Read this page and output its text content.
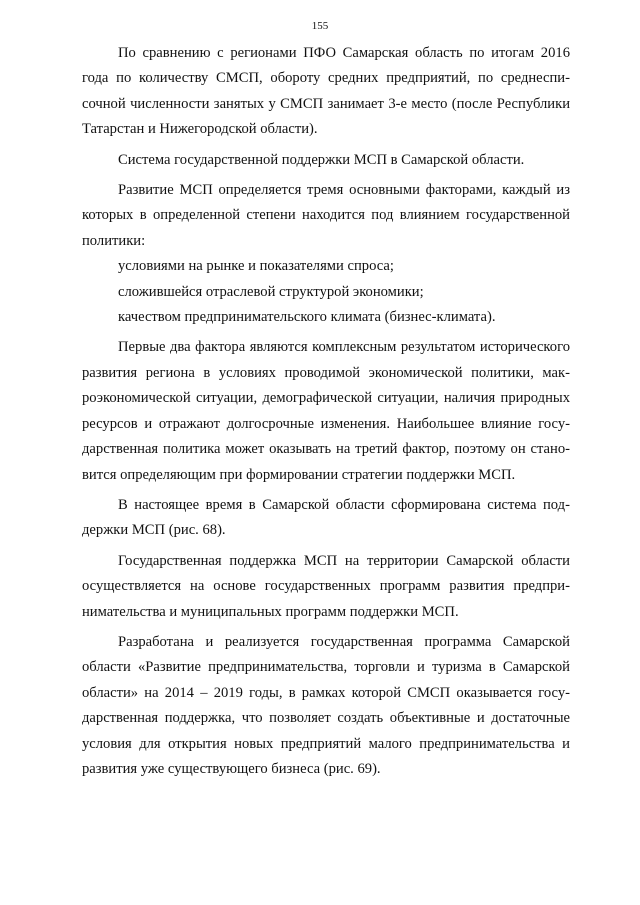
155

По сравнению с регионами ПФО Самарская область по итогам 2016 года по количеству СМСП, обороту средних предприятий, по среднесписочной численности занятых у СМСП занимает 3-е место (после Республики Татарстан и Нижегородской области).

Система государственной поддержки МСП в Самарской области.

Развитие МСП определяется тремя основными факторами, каждый из которых в определенной степени находится под влиянием государственной политики:

условиями на рынке и показателями спроса;

сложившейся отраслевой структурой экономики;

качеством предпринимательского климата (бизнес-климата).

Первые два фактора являются комплексным результатом исторического развития региона в условиях проводимой экономической политики, макроэкономической ситуации, демографической ситуации, наличия природных ресурсов и отражают долгосрочные изменения. Наибольшее влияние государственная политика может оказывать на третий фактор, поэтому он становится определяющим при формировании стратегии поддержки МСП.

В настоящее время в Самарской области сформирована система поддержки МСП (рис. 68).

Государственная поддержка МСП на территории Самарской области осуществляется на основе государственных программ развития предпринимательства и муниципальных программ поддержки МСП.

Разработана и реализуется государственная программа Самарской области «Развитие предпринимательства, торговли и туризма в Самарской области» на 2014 – 2019 годы, в рамках которой СМСП оказывается государственная поддержка, что позволяет создать объективные и достаточные условия для открытия новых предприятий малого предпринимательства и развития уже существующего бизнеса (рис. 69).
